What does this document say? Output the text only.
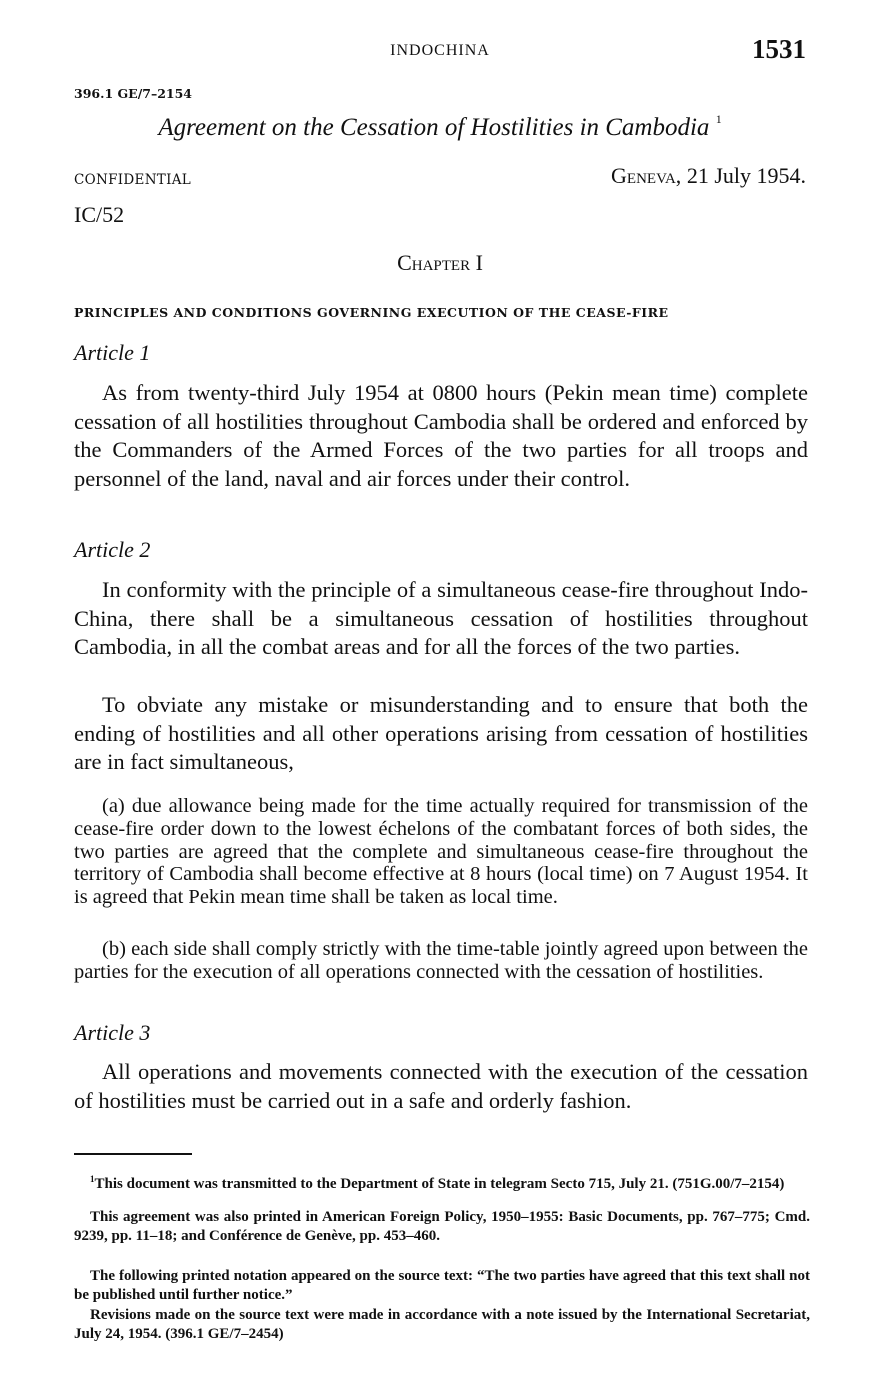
INDOCHINA	1531
396.1 GE/7–2154
Agreement on the Cessation of Hostilities in Cambodia $^1$
CONFIDENTIAL	Geneva, 21 July 1954.
IC/52
Chapter I
PRINCIPLES AND CONDITIONS GOVERNING EXECUTION OF THE CEASE-FIRE
Article 1

As from twenty-third July 1954 at 0800 hours (Pekin mean time) complete cessation of all hostilities throughout Cambodia shall be ordered and enforced by the Commanders of the Armed Forces of the two parties for all troops and personnel of the land, naval and air forces under their control.

Article 2

In conformity with the principle of a simultaneous cease-fire throughout Indo-China, there shall be a simultaneous cessation of hostilities throughout Cambodia, in all the combat areas and for all the forces of the two parties.

To obviate any mistake or misunderstanding and to ensure that both the ending of hostilities and all other operations arising from cessation of hostilities are in fact simultaneous,

(a) due allowance being made for the time actually required for transmission of the cease-fire order down to the lowest échelons of the combatant forces of both sides, the two parties are agreed that the complete and simultaneous cease-fire throughout the territory of Cambodia shall become effective at 8 hours (local time) on 7 August 1954. It is agreed that Pekin mean time shall be taken as local time.

(b) each side shall comply strictly with the time-table jointly agreed upon between the parties for the execution of all operations connected with the cessation of hostilities.

Article 3

All operations and movements connected with the execution of the cessation of hostilities must be carried out in a safe and orderly fashion.

$^1$This document was transmitted to the Department of State in telegram Secto 715, July 21. (751G.00/7–2154)

This agreement was also printed in American Foreign Policy, 1950–1955: Basic Documents, pp. 767–775; Cmd. 9239, pp. 11–18; and Conférence de Genève, pp. 453–460.

The following printed notation appeared on the source text: “The two parties have agreed that this text shall not be published until further notice.”

Revisions made on the source text were made in accordance with a note issued by the International Secretariat, July 24, 1954. (396.1 GE/7–2454)
